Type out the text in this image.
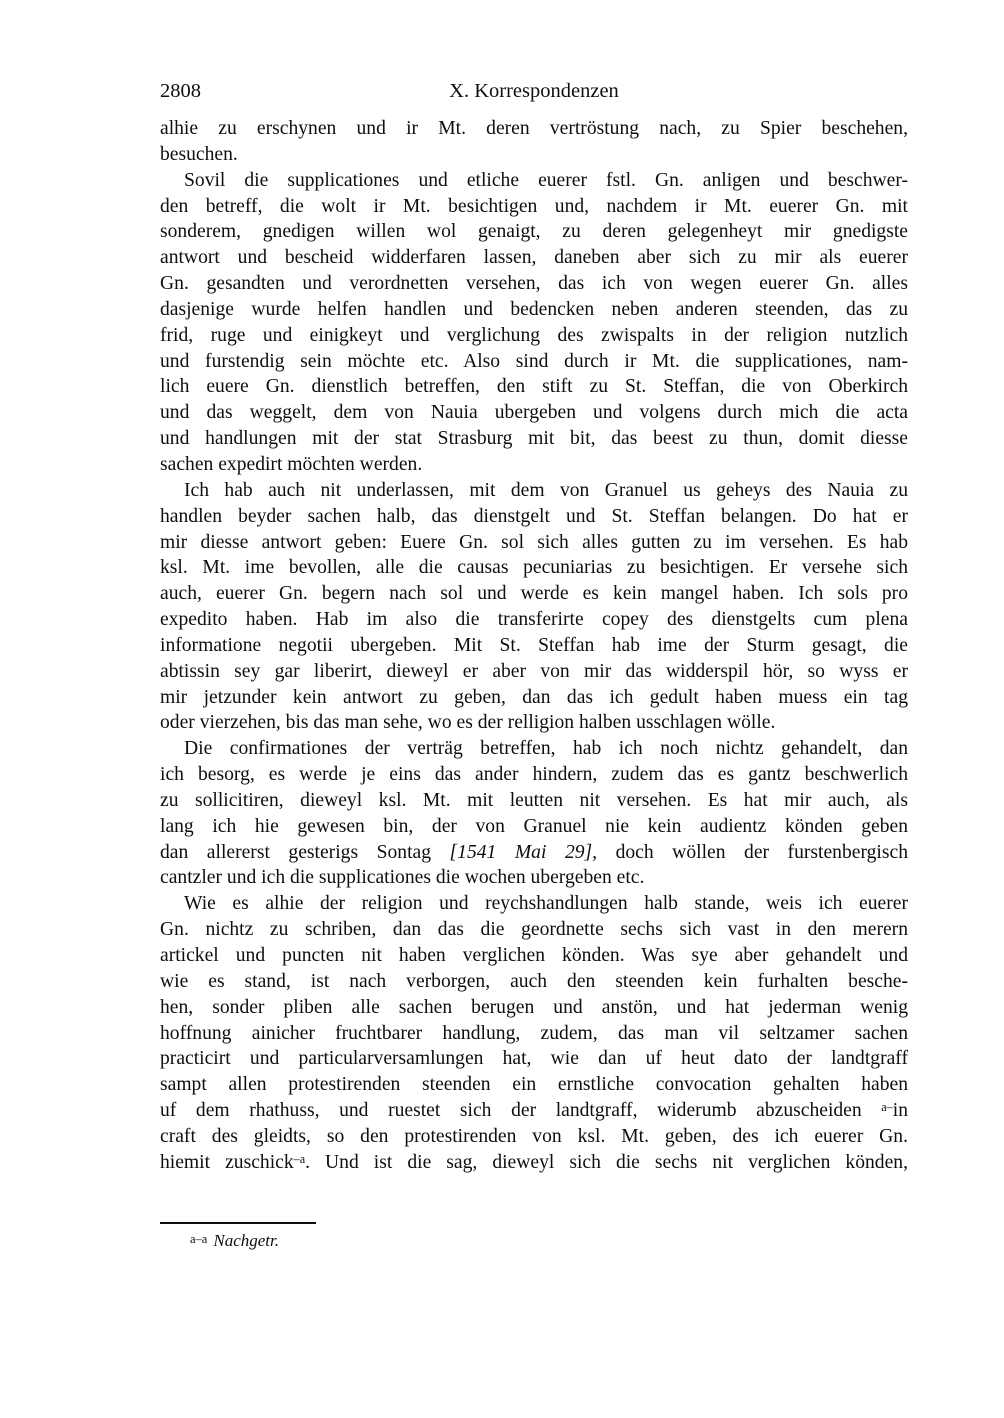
2808	X. Korrespondenzen
alhie zu erschynen und ir Mt. deren vertröstung nach, zu Spier beschehen,
besuchen.
Sovil die supplicationes und etliche euerer fstl. Gn. anligen und beschwer-
den betreff, die wolt ir Mt. besichtigen und, nachdem ir Mt. euerer Gn. mit
sonderem, gnedigen willen wol genaigt, zu deren gelegenheyt mir gnedigste
antwort und bescheid widderfaren lassen, daneben aber sich zu mir als euerer
Gn. gesandten und verordnetten versehen, das ich von wegen euerer Gn. alles
dasjenige wurde helfen handlen und bedencken neben anderen steenden, das zu
frid, ruge und einigkeyt und verglichung des zwispalts in der religion nutzlich
und furstendig sein möchte etc. Also sind durch ir Mt. die supplicationes, nam-
lich euere Gn. dienstlich betreffen, den stift zu St. Steffan, die von Oberkirch
und das weggelt, dem von Nauia ubergeben und volgens durch mich die acta
und handlungen mit der stat Strasburg mit bit, das beest zu thun, domit diesse
sachen expedirt möchten werden.
Ich hab auch nit underlassen, mit dem von Granuel us geheys des Nauia zu
handlen beyder sachen halb, das dienstgelt und St. Steffan belangen. Do hat er
mir diesse antwort geben: Euere Gn. sol sich alles gutten zu im versehen. Es hab
ksl. Mt. ime bevollen, alle die causas pecuniarias zu besichtigen. Er versehe sich
auch, euerer Gn. begern nach sol und werde es kein mangel haben. Ich sols pro
expedito haben. Hab im also die transferirte copey des dienstgelts cum plena
informatione negotii ubergeben. Mit St. Steffan hab ime der Sturm gesagt, die
abtissin sey gar liberirt, dieweyl er aber von mir das widderspil hör, so wyss er
mir jetzunder kein antwort zu geben, dan das ich gedult haben muess ein tag
oder vierzehen, bis das man sehe, wo es der relligion halben usschlagen wölle.
Die confirmationes der verträg betreffen, hab ich noch nichtz gehandelt, dan
ich besorg, es werde je eins das ander hindern, zudem das es gantz beschwerlich
zu sollicitiren, dieweyl ksl. Mt. mit leutten nit versehen. Es hat mir auch, als
lang ich hie gewesen bin, der von Granuel nie kein audientz könden geben
dan allererst gesterigs Sontag [1541 Mai 29], doch wöllen der furstenbergisch
cantzler und ich die supplicationes die wochen ubergeben etc.
Wie es alhie der religion und reychshandlungen halb stande, weis ich euerer
Gn. nichtz zu schriben, dan das die geordnette sechs sich vast in den merern
artickel und puncten nit haben verglichen könden. Was sye aber gehandelt und
wie es stand, ist nach verborgen, auch den steenden kein furhalten besche-
hen, sonder pliben alle sachen berugen und anstön, und hat jederman wenig
hoffnung ainicher fruchtbarer handlung, zudem, das man vil seltzamer sachen
practicirt und particularversamlungen hat, wie dan uf heut dato der landtgraff
sampt allen protestirenden steenden ein ernstliche convocation gehalten haben
uf dem rhathuss, und ruestet sich der landtgraff, widerumb abzuscheiden $^{a-}$in
craft des gleidts, so den protestirenden von ksl. Mt. geben, des ich euerer Gn.
hiemit zuschick$^{-a}$. Und ist die sag, dieweyl sich die sechs nit verglichen könden,
a–a Nachgetr.
